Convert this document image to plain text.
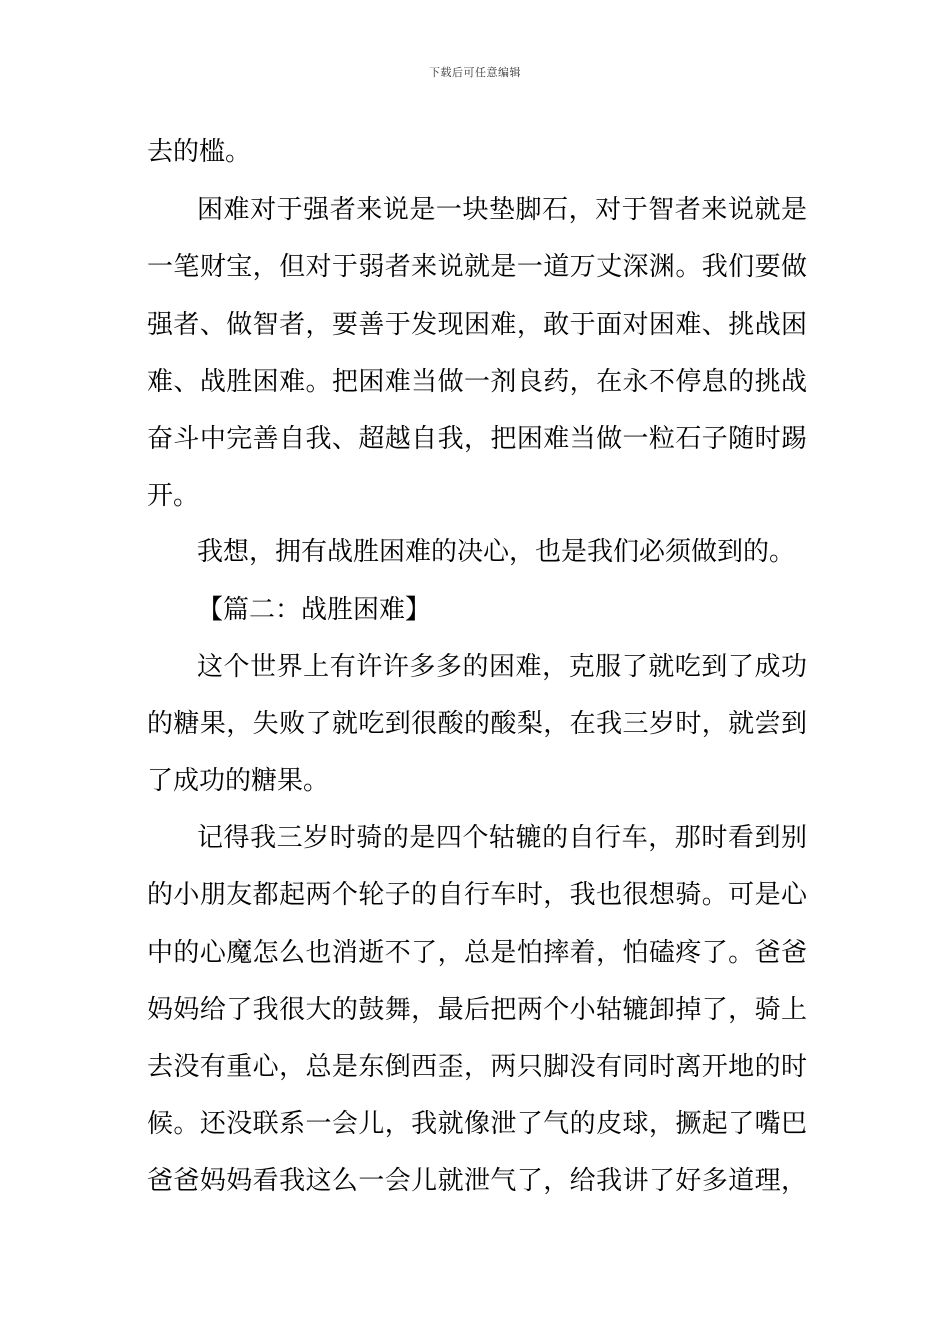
下载后可任意编辑
去的槛。
困难对于强者来说是一块垫脚石，对于智者来说就是
一笔财宝，但对于弱者来说就是一道万丈深渊。我们要做
强者、做智者，要善于发现困难，敢于面对困难、挑战困
难、战胜困难。把困难当做一剂良药，在永不停息的挑战
奋斗中完善自我、超越自我，把困难当做一粒石子随时踢
开。
我想，拥有战胜困难的决心，也是我们必须做到的。
【篇二：战胜困难】
这个世界上有许许多多的困难，克服了就吃到了成功
的糖果，失败了就吃到很酸的酸梨，在我三岁时，就尝到
了成功的糖果。
记得我三岁时骑的是四个轱辘的自行车，那时看到别
的小朋友都起两个轮子的自行车时，我也很想骑。可是心
中的心魔怎么也消逝不了，总是怕摔着，怕磕疼了。爸爸
妈妈给了我很大的鼓舞，最后把两个小轱辘卸掉了，骑上
去没有重心，总是东倒西歪，两只脚没有同时离开地的时
候。还没联系一会儿，我就像泄了气的皮球，撅起了嘴巴
爸爸妈妈看我这么一会儿就泄气了，给我讲了好多道理，
